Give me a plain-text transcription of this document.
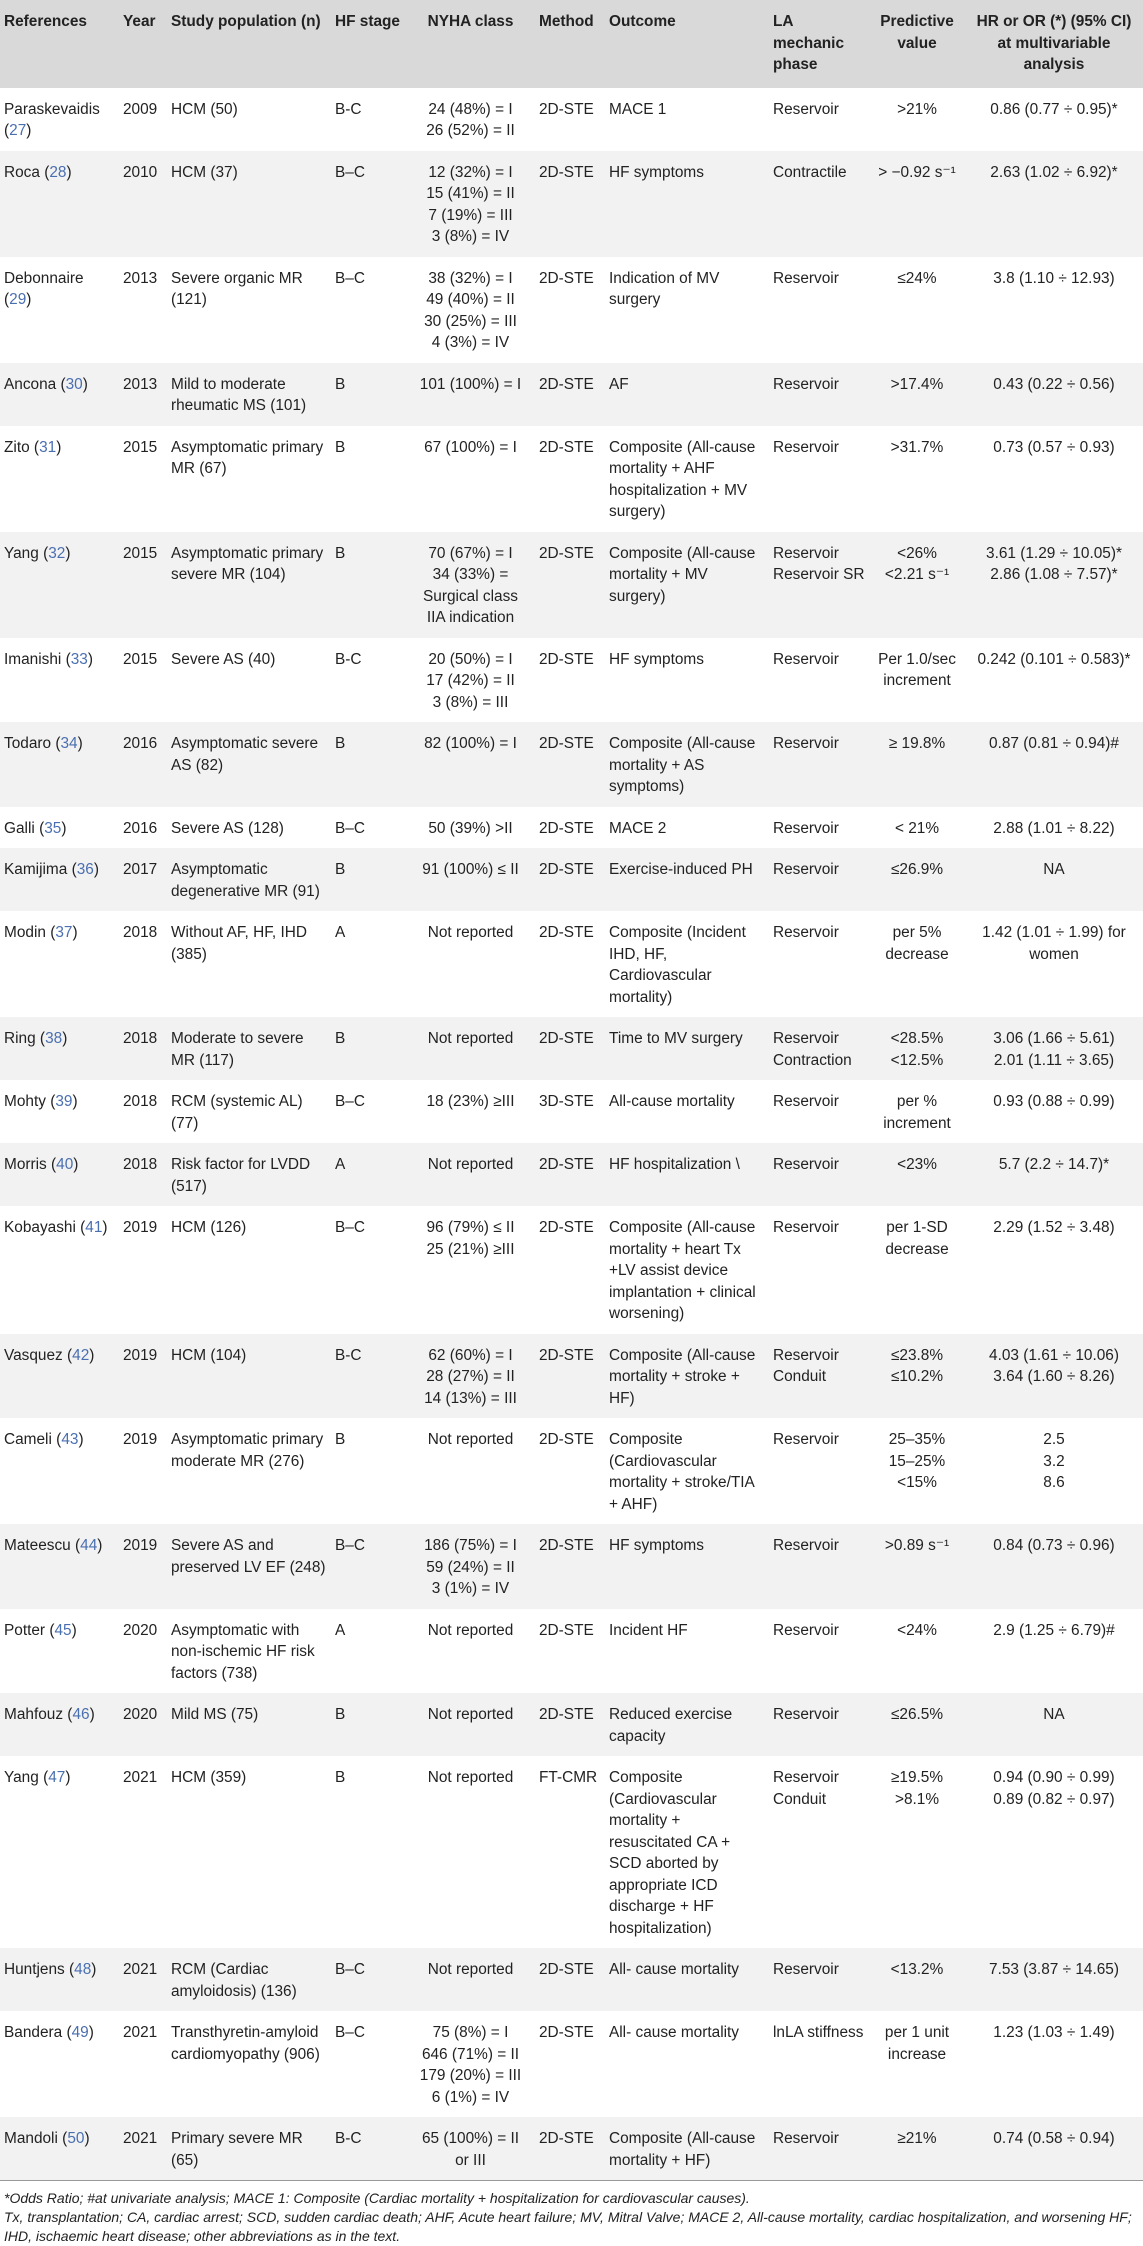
References	Year	Study population (n)	HF stage	NYHA class	Method	Outcome	LA mechanic phase	Predictive value	HR or OR (*) (95% CI) at multivariable analysis
Paraskevaidis (27)	2009	HCM (50)	B-C	24 (48%) = I
26 (52%) = II	2D-STE	MACE 1	Reservoir	>21%	0.86 (0.77 ÷ 0.95)*

Roca (28)	2010	HCM (37)	B–C	12 (32%) = I
15 (41%) = II
7 (19%) = III
3 (8%) = IV	2D-STE	HF symptoms	Contractile	> −0.92 s⁻¹	2.63 (1.02 ÷ 6.92)*

Debonnaire (29)	2013	Severe organic MR (121)	B–C	38 (32%) = I
49 (40%) = II
30 (25%) = III
4 (3%) = IV	2D-STE	Indication of MV surgery	Reservoir	≤24%	3.8 (1.10 ÷ 12.93)

Ancona (30)	2013	Mild to moderate rheumatic MS (101)	B	101 (100%) = I	2D-STE	AF	Reservoir	>17.4%	0.43 (0.22 ÷ 0.56)

Zito (31)	2015	Asymptomatic primary MR (67)	B	67 (100%) = I	2D-STE	Composite (All-cause mortality + AHF hospitalization + MV surgery)	Reservoir	>31.7%	0.73 (0.57 ÷ 0.93)

Yang (32)	2015	Asymptomatic primary severe MR (104)	B	70 (67%) = I
34 (33%) =
Surgical class
IIA indication	2D-STE	Composite (All-cause mortality + MV surgery)	Reservoir
Reservoir SR	<26%
<2.21 s⁻¹	3.61 (1.29 ÷ 10.05)*
2.86 (1.08 ÷ 7.57)*

Imanishi (33)	2015	Severe AS (40)	B-C	20 (50%) = I
17 (42%) = II
3 (8%) = III	2D-STE	HF symptoms	Reservoir	Per 1.0/sec
increment	0.242 (0.101 ÷ 0.583)*

Todaro (34)	2016	Asymptomatic severe AS (82)	B	82 (100%) = I	2D-STE	Composite (All-cause mortality + AS symptoms)	Reservoir	≥ 19.8%	0.87 (0.81 ÷ 0.94)#

Galli (35)	2016	Severe AS (128)	B–C	50 (39%) >II	2D-STE	MACE 2	Reservoir	< 21%	2.88 (1.01 ÷ 8.22)

Kamijima (36)	2017	Asymptomatic degenerative MR (91)	B	91 (100%) ≤ II	2D-STE	Exercise-induced PH	Reservoir	≤26.9%	NA

Modin (37)	2018	Without AF, HF, IHD (385)	A	Not reported	2D-STE	Composite (Incident IHD, HF, Cardiovascular mortality)	Reservoir	per 5%
decrease	1.42 (1.01 ÷ 1.99) for
women

Ring (38)	2018	Moderate to severe MR (117)	B	Not reported	2D-STE	Time to MV surgery	Reservoir
Contraction	<28.5%
<12.5%	3.06 (1.66 ÷ 5.61)
2.01 (1.11 ÷ 3.65)

Mohty (39)	2018	RCM (systemic AL) (77)	B–C	18 (23%) ≥III	3D-STE	All-cause mortality	Reservoir	per %
increment	0.93 (0.88 ÷ 0.99)

Morris (40)	2018	Risk factor for LVDD (517)	A	Not reported	2D-STE	HF hospitalization \	Reservoir	<23%	5.7 (2.2 ÷ 14.7)*

Kobayashi (41)	2019	HCM (126)	B–C	96 (79%) ≤ II
25 (21%) ≥III	2D-STE	Composite (All-cause mortality + heart Tx +LV assist device implantation + clinical worsening)	Reservoir	per 1-SD
decrease	2.29 (1.52 ÷ 3.48)

Vasquez (42)	2019	HCM (104)	B-C	62 (60%) = I
28 (27%) = II
14 (13%) = III	2D-STE	Composite (All-cause mortality + stroke + HF)	Reservoir
Conduit	≤23.8%
≤10.2%	4.03 (1.61 ÷ 10.06)
3.64 (1.60 ÷ 8.26)

Cameli (43)	2019	Asymptomatic primary moderate MR (276)	B	Not reported	2D-STE	Composite (Cardiovascular mortality + stroke/TIA + AHF)	Reservoir	25–35%
15–25%
<15%	2.5
3.2
8.6

Mateescu (44)	2019	Severe AS and preserved LV EF (248)	B–C	186 (75%) = I
59 (24%) = II
3 (1%) = IV	2D-STE	HF symptoms	Reservoir	>0.89 s⁻¹	0.84 (0.73 ÷ 0.96)

Potter (45)	2020	Asymptomatic with non-ischemic HF risk factors (738)	A	Not reported	2D-STE	Incident HF	Reservoir	<24%	2.9 (1.25 ÷ 6.79)#

Mahfouz (46)	2020	Mild MS (75)	B	Not reported	2D-STE	Reduced exercise capacity	Reservoir	≤26.5%	NA

Yang (47)	2021	HCM (359)	B	Not reported	FT-CMR	Composite (Cardiovascular mortality + resuscitated CA + SCD aborted by appropriate ICD discharge + HF hospitalization)	Reservoir
Conduit	≥19.5%
>8.1%	0.94 (0.90 ÷ 0.99)
0.89 (0.82 ÷ 0.97)

Huntjens (48)	2021	RCM (Cardiac amyloidosis) (136)	B–C	Not reported	2D-STE	All- cause mortality	Reservoir	<13.2%	7.53 (3.87 ÷ 14.65)

Bandera (49)	2021	Transthyretin-amyloid cardiomyopathy (906)	B–C	75 (8%) = I
646 (71%) = II
179 (20%) = III
6 (1%) = IV	2D-STE	All- cause mortality	lnLA stiffness	per 1 unit
increase	1.23 (1.03 ÷ 1.49)

Mandoli (50)	2021	Primary severe MR (65)	B-C	65 (100%) = II
or III	2D-STE	Composite (All-cause mortality + HF)	Reservoir	≥21%	0.74 (0.58 ÷ 0.94)
*Odds Ratio; #at univariate analysis; MACE 1: Composite (Cardiac mortality + hospitalization for cardiovascular causes).
Tx, transplantation; CA, cardiac arrest; SCD, sudden cardiac death; AHF, Acute heart failure; MV, Mitral Valve; MACE 2, All-cause mortality, cardiac hospitalization, and worsening HF;
IHD, ischaemic heart disease; other abbreviations as in the text.
